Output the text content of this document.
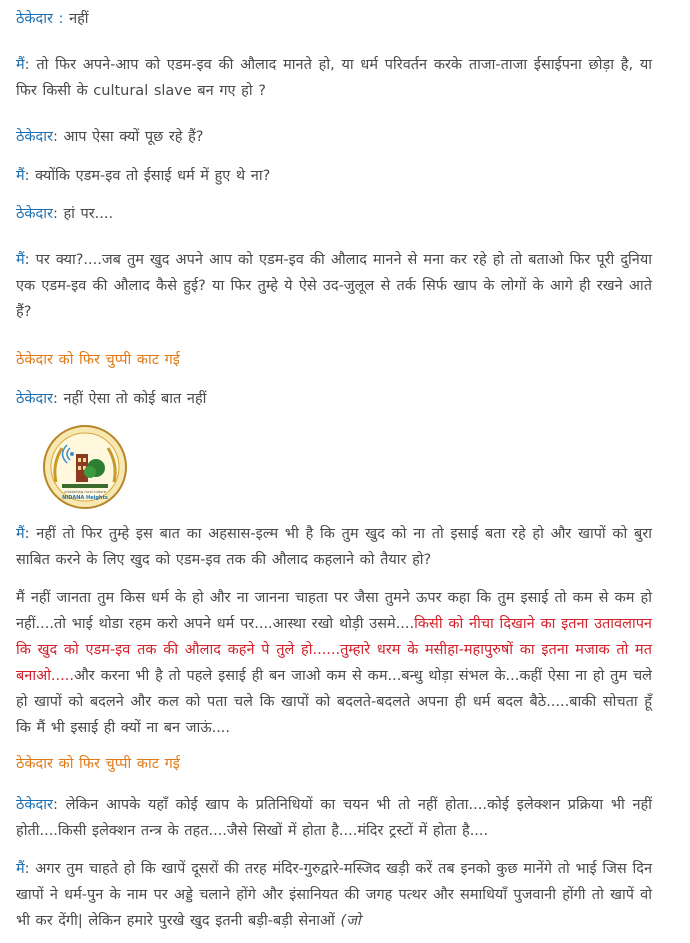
ठेकेदार : नहीं

मैं: तो फिर अपने-आप को एडम-इव की औलाद मानते हो, या धर्म परिवर्तन करके ताजा-ताजा ईसाईपना छोड़ा है, या फिर किसी के cultural slave बन गए हो ?

ठेकेदार: आप ऐसा क्यों पूछ रहे हैं?

मैं: क्योंकि एडम-इव तो ईसाई धर्म में हुए थे ना?

ठेकेदार: हां पर....

मैं: पर क्या?....जब तुम खुद अपने आप को एडम-इव की औलाद मानने से मना कर रहे हो तो बताओ फिर पूरी दुनिया एक एडम-इव की औलाद कैसे हुई? या फिर तुम्हे ये ऐसे उद-जुलूल से तर्क सिर्फ खाप के लोगों के आगे ही रखने आते हैं?

ठेकेदार को फिर चुप्पी काट गई

ठेकेदार: नहीं ऐसा तो कोई बात नहीं

unleashing rural culture
NIDANA Heights

मैं: नहीं तो फिर तुम्हे इस बात का अहसास-इल्म भी है कि तुम खुद को ना तो इसाई बता रहे हो और खापों को बुरा साबित करने के लिए खुद को एडम-इव तक की औलाद कहलाने को तैयार हो?

मैं नहीं जानता तुम किस धर्म के हो और ना जानना चाहता पर जैसा तुमने ऊपर कहा कि तुम इसाई तो कम से कम हो नहीं....तो भाई थोडा रहम करो अपने धर्म पर....आस्था रखो थोड़ी उसमे....किसी को नीचा दिखाने का इतना उतावलापन कि खुद को एडम-इव तक की औलाद कहने पे तुले हो......तुम्हारे धरम के मसीहा-महापुरुषों का इतना मजाक तो मत बनाओ.....और करना भी है तो पहले इसाई ही बन जाओ कम से कम...बन्धु थोड़ा संभल के...कहीं ऐसा ना हो तुम चले हो खापों को बदलने और कल को पता चले कि खापों को बदलते-बदलते अपना ही धर्म बदल बैठे.....बाकी सोचता हूँ कि मैं भी इसाई ही क्यों ना बन जाऊं....

ठेकेदार को फिर चुप्पी काट गई

ठेकेदार: लेकिन आपके यहाँ कोई खाप के प्रतिनिधियों का चयन भी तो नहीं होता....कोई इलेक्शन प्रक्रिया भी नहीं होती....किसी इलेक्शन तन्त्र के तहत....जैसे सिखों में होता है....मंदिर ट्रस्टों में होता है....

मैं: अगर तुम चाहते हो कि खापें दूसरों की तरह मंदिर-गुरुद्वारे-मस्जिद खड़ी करें तब इनको कुछ मानेंगे तो भाई जिस दिन खापों ने धर्म-पुन के नाम पर अड्डे चलाने होंगे और इंसानियत की जगह पत्थर और समाधियाँ पुजवानी होंगी तो खापें वो भी कर देंगी| लेकिन हमारे पुरखे खुद इतनी बड़ी-बड़ी सेनाओं (जो
